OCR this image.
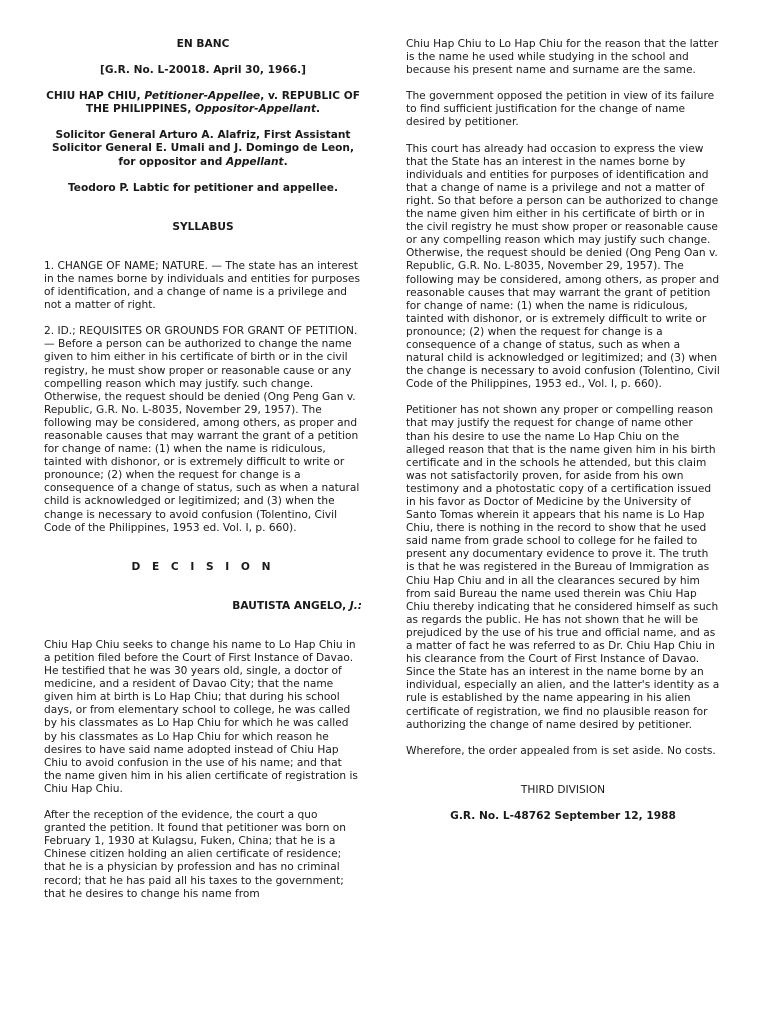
EN BANC

[G.R. No. L-20018. April 30, 1966.]

CHIU HAP CHIU, Petitioner-Appellee, v. REPUBLIC OF THE PHILIPPINES, Oppositor-Appellant.

Solicitor General Arturo A. Alafriz, First Assistant Solicitor General E. Umali and J. Domingo de Leon, for oppositor and Appellant.

Teodoro P. Labtic for petitioner and appellee.

SYLLABUS

1. CHANGE OF NAME; NATURE. — The state has an interest in the names borne by individuals and entities for purposes of identification, and a change of name is a privilege and not a matter of right.

2. ID.; REQUISITES OR GROUNDS FOR GRANT OF PETITION. — Before a person can be authorized to change the name given to him either in his certificate of birth or in the civil registry, he must show proper or reasonable cause or any compelling reason which may justify. such change. Otherwise, the request should be denied (Ong Peng Gan v. Republic, G.R. No. L-8035, November 29, 1957). The following may be considered, among others, as proper and reasonable causes that may warrant the grant of a petition for change of name: (1) when the name is ridiculous, tainted with dishonor, or is extremely difficult to write or pronounce; (2) when the request for change is a consequence of a change of status, such as when a natural child is acknowledged or legitimized; and (3) when the change is necessary to avoid confusion (Tolentino, Civil Code of the Philippines, 1953 ed. Vol. I, p. 660).

D E C I S I O N

BAUTISTA ANGELO, J.:

Chiu Hap Chiu seeks to change his name to Lo Hap Chiu in a petition filed before the Court of First Instance of Davao. He testified that he was 30 years old, single, a doctor of medicine, and a resident of Davao City; that the name given him at birth is Lo Hap Chiu; that during his school days, or from elementary school to college, he was called by his classmates as Lo Hap Chiu for which he was called by his classmates as Lo Hap Chiu for which reason he desires to have said name adopted instead of Chiu Hap Chiu to avoid confusion in the use of his name; and that the name given him in his alien certificate of registration is Chiu Hap Chiu.

After the reception of the evidence, the court a quo granted the petition. It found that petitioner was born on February 1, 1930 at Kulagsu, Fuken, China; that he is a Chinese citizen holding an alien certificate of residence; that he is a physician by profession and has no criminal record; that he has paid all his taxes to the government; that he desires to change his name from

Chiu Hap Chiu to Lo Hap Chiu for the reason that the latter is the name he used while studying in the school and because his present name and surname are the same.

The government opposed the petition in view of its failure to find sufficient justification for the change of name desired by petitioner.

This court has already had occasion to express the view that the State has an interest in the names borne by individuals and entities for purposes of identification and that a change of name is a privilege and not a matter of right. So that before a person can be authorized to change the name given him either in his certificate of birth or in the civil registry he must show proper or reasonable cause or any compelling reason which may justify such change. Otherwise, the request should be denied (Ong Peng Oan v. Republic, G.R. No. L-8035, November 29, 1957). The following may be considered, among others, as proper and reasonable causes that may warrant the grant of petition for change of name: (1) when the name is ridiculous, tainted with dishonor, or is extremely difficult to write or pronounce; (2) when the request for change is a consequence of a change of status, such as when a natural child is acknowledged or legitimized; and (3) when the change is necessary to avoid confusion (Tolentino, Civil Code of the Philippines, 1953 ed., Vol. I, p. 660).

Petitioner has not shown any proper or compelling reason that may justify the request for change of name other than his desire to use the name Lo Hap Chiu on the alleged reason that that is the name given him in his birth certificate and in the schools he attended, but this claim was not satisfactorily proven, for aside from his own testimony and a photostatic copy of a certification issued in his favor as Doctor of Medicine by the University of Santo Tomas wherein it appears that his name is Lo Hap Chiu, there is nothing in the record to show that he used said name from grade school to college for he failed to present any documentary evidence to prove it. The truth is that he was registered in the Bureau of Immigration as Chiu Hap Chiu and in all the clearances secured by him from said Bureau the name used therein was Chiu Hap Chiu thereby indicating that he considered himself as such as regards the public. He has not shown that he will be prejudiced by the use of his true and official name, and as a matter of fact he was referred to as Dr. Chiu Hap Chiu in his clearance from the Court of First Instance of Davao. Since the State has an interest in the name borne by an individual, especially an alien, and the latter's identity as a rule is established by the name appearing in his alien certificate of registration, we find no plausible reason for authorizing the change of name desired by petitioner.

Wherefore, the order appealed from is set aside. No costs.

THIRD DIVISION

G.R. No. L-48762 September 12, 1988
